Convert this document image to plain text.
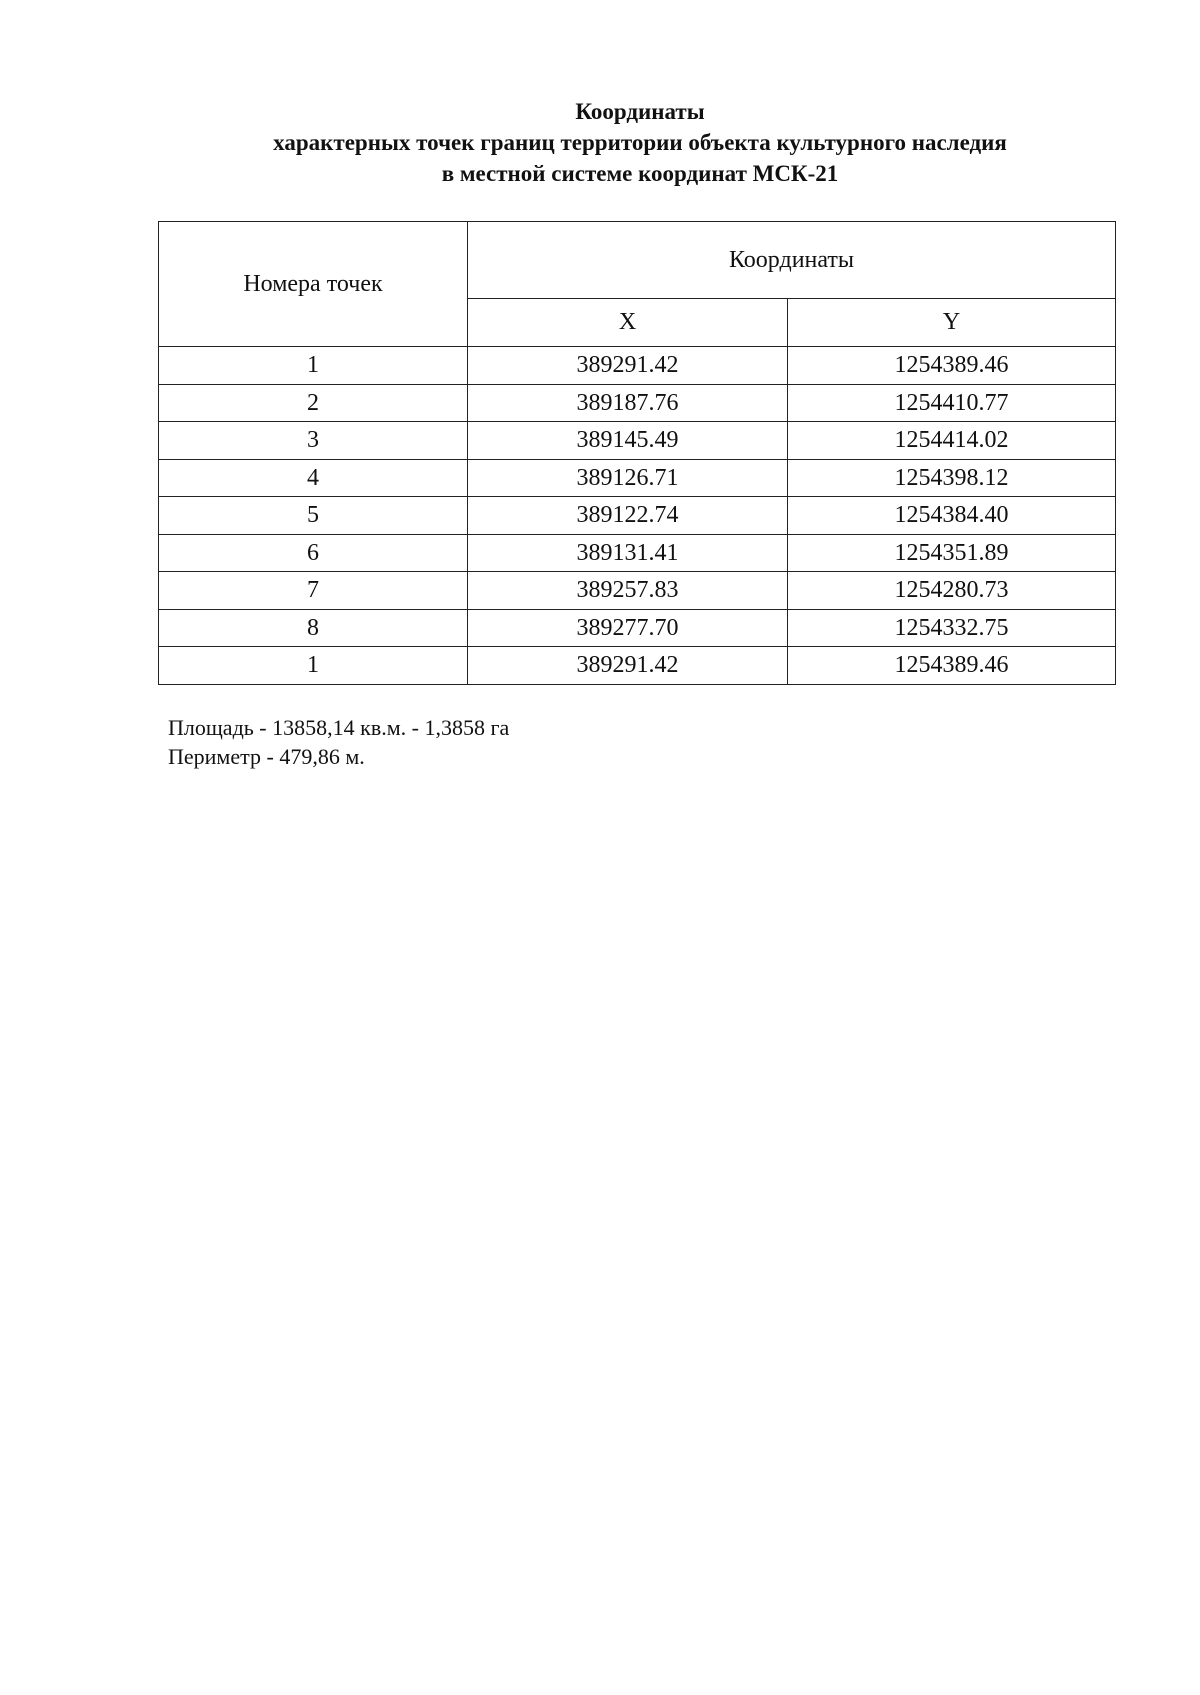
Координаты
характерных точек границ территории объекта культурного наследия
в местной системе координат МСК-21
Номера точек	Координаты	
	X	Y
1	389291.42	1254389.46
2	389187.76	1254410.77
3	389145.49	1254414.02
4	389126.71	1254398.12
5	389122.74	1254384.40
6	389131.41	1254351.89
7	389257.83	1254280.73
8	389277.70	1254332.75
1	389291.42	1254389.46
Площадь - 13858,14 кв.м. - 1,3858 га
Периметр - 479,86 м.
